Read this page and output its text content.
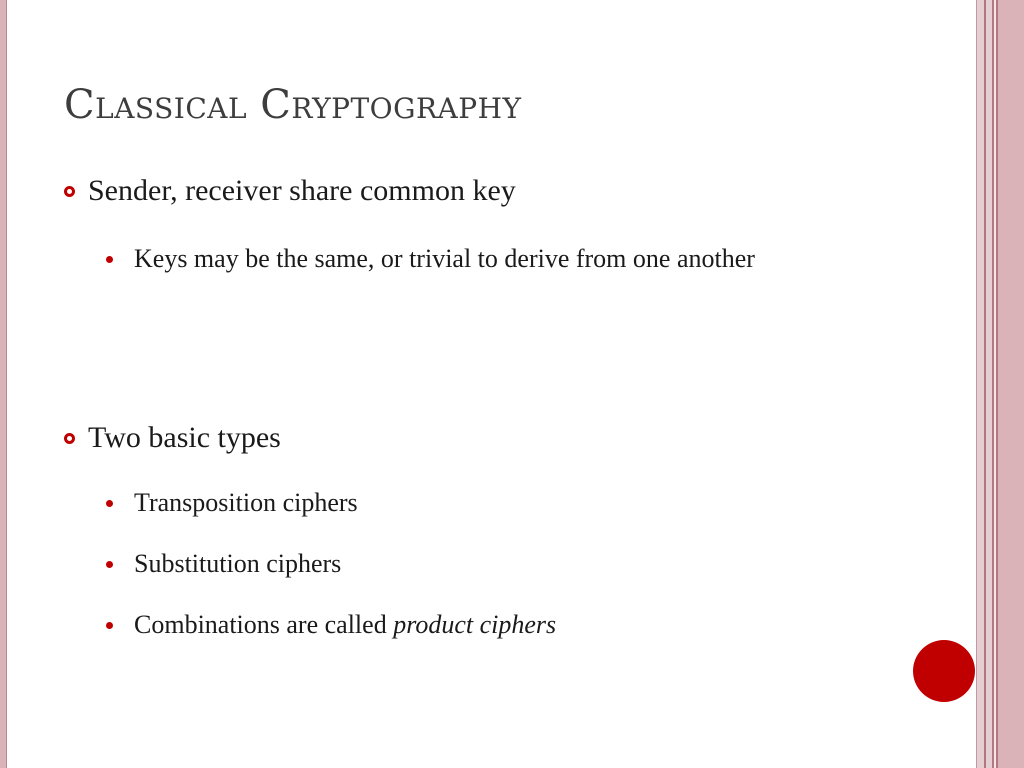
Classical Cryptography
Sender, receiver share common key
Keys may be the same, or trivial to derive from one another
Two basic types
Transposition ciphers
Substitution ciphers
Combinations are called product ciphers
